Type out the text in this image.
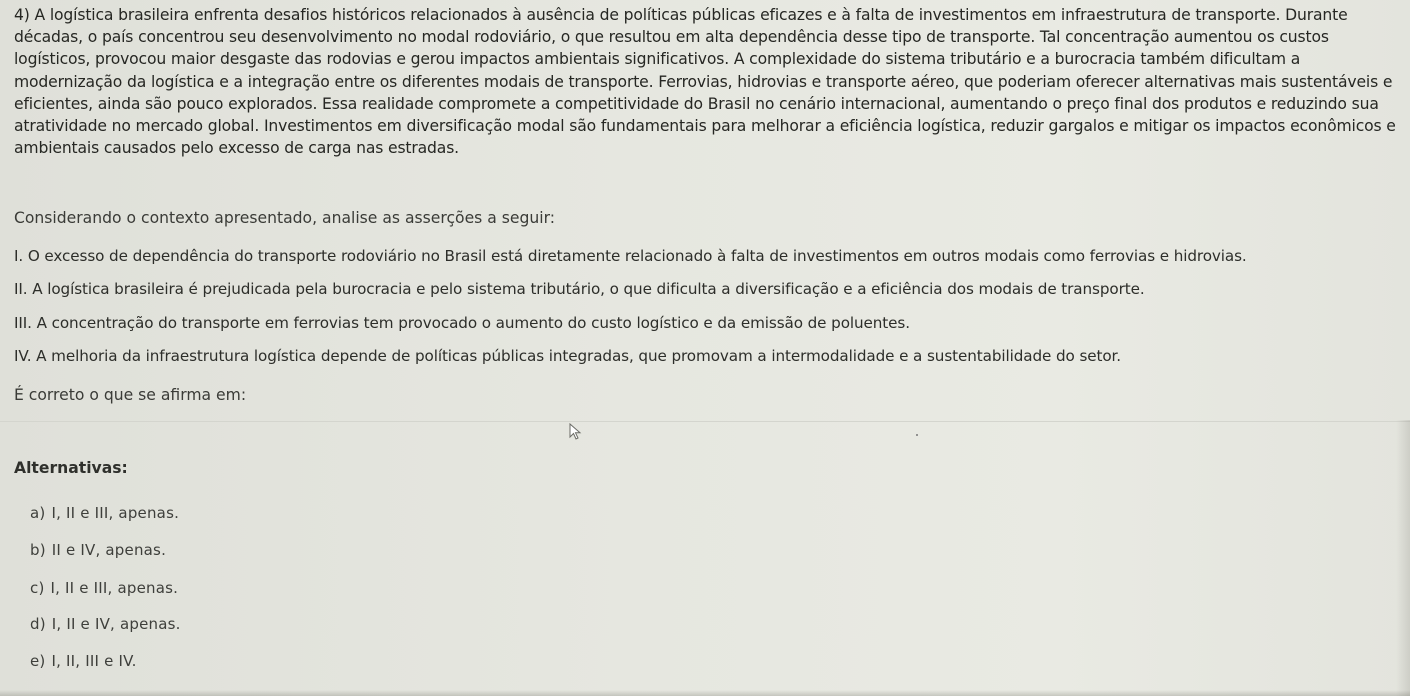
4) A logística brasileira enfrenta desafios históricos relacionados à ausência de políticas públicas eficazes e à falta de investimentos em infraestrutura de transporte. Durante décadas, o país concentrou seu desenvolvimento no modal rodoviário, o que resultou em alta dependência desse tipo de transporte. Tal concentração aumentou os custos logísticos, provocou maior desgaste das rodovias e gerou impactos ambientais significativos. A complexidade do sistema tributário e a burocracia também dificultam a modernização da logística e a integração entre os diferentes modais de transporte. Ferrovias, hidrovias e transporte aéreo, que poderiam oferecer alternativas mais sustentáveis e eficientes, ainda são pouco explorados. Essa realidade compromete a competitividade do Brasil no cenário internacional, aumentando o preço final dos produtos e reduzindo sua atratividade no mercado global. Investimentos em diversificação modal são fundamentais para melhorar a eficiência logística, reduzir gargalos e mitigar os impactos econômicos e ambientais causados pelo excesso de carga nas estradas.

Considerando o contexto apresentado, analise as asserções a seguir:

I. O excesso de dependência do transporte rodoviário no Brasil está diretamente relacionado à falta de investimentos em outros modais como ferrovias e hidrovias.

II. A logística brasileira é prejudicada pela burocracia e pelo sistema tributário, o que dificulta a diversificação e a eficiência dos modais de transporte.

III. A concentração do transporte em ferrovias tem provocado o aumento do custo logístico e da emissão de poluentes.

IV. A melhoria da infraestrutura logística depende de políticas públicas integradas, que promovam a intermodalidade e a sustentabilidade do setor.

É correto o que se afirma em:

Alternativas:

a) I, II e III, apenas.
b) II e IV, apenas.
c) I, II e III, apenas.
d) I, II e IV, apenas.
e) I, II, III e IV.
